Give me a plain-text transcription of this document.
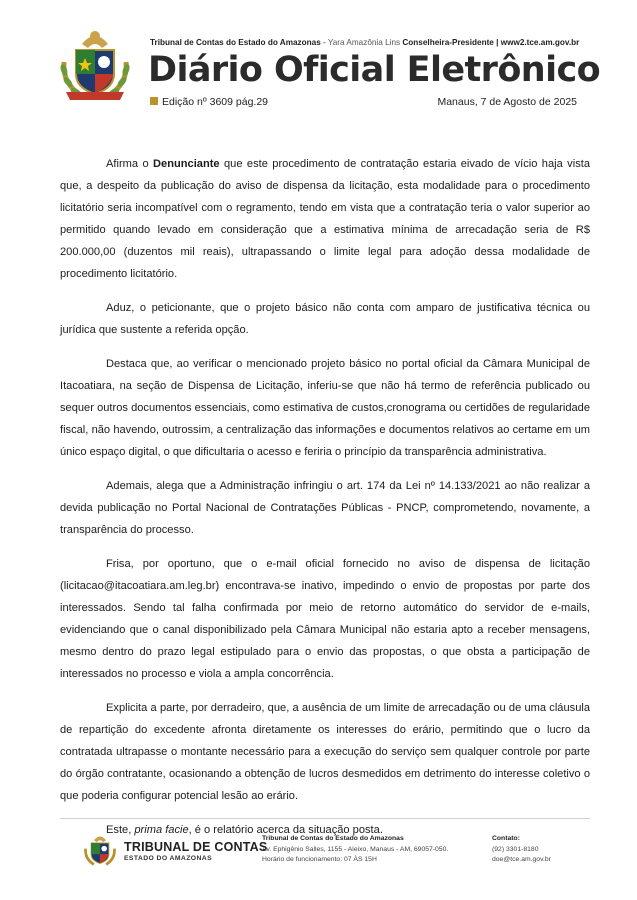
Tribunal de Contas do Estado do Amazonas - Yara Amazônia Lins Conselheira-Presidente | www2.tce.am.gov.br
Diário Oficial Eletrônico
Edição nº 3609 pág.29	Manaus, 7 de Agosto de 2025

Afirma o Denunciante que este procedimento de contratação estaria eivado de vício haja vista que, a despeito da publicação do aviso de dispensa da licitação, esta modalidade para o procedimento licitatório seria incompatível com o regramento, tendo em vista que a contratação teria o valor superior ao permitido quando levado em consideração que a estimativa mínima de arrecadação seria de R$ 200.000,00 (duzentos mil reais), ultrapassando o limite legal para adoção dessa modalidade de procedimento licitatório.

Aduz, o peticionante, que o projeto básico não conta com amparo de justificativa técnica ou jurídica que sustente a referida opção.

Destaca que, ao verificar o mencionado projeto básico no portal oficial da Câmara Municipal de Itacoatiara, na seção de Dispensa de Licitação, inferiu-se que não há termo de referência publicado ou sequer outros documentos essenciais, como estimativa de custos,cronograma ou certidões de regularidade fiscal, não havendo, outrossim, a centralização das informações e documentos relativos ao certame em um único espaço digital, o que dificultaria o acesso e feriria o princípio da transparência administrativa.

Ademais, alega que a Administração infringiu o art. 174 da Lei nº 14.133/2021 ao não realizar a devida publicação no Portal Nacional de Contratações Públicas - PNCP, comprometendo, novamente, a transparência do processo.

Frisa, por oportuno, que o e-mail oficial fornecido no aviso de dispensa de licitação (licitacao@itacoatiara.am.leg.br) encontrava-se inativo, impedindo o envio de propostas por parte dos interessados. Sendo tal falha confirmada por meio de retorno automático do servidor de e-mails, evidenciando que o canal disponibilizado pela Câmara Municipal não estaria apto a receber mensagens, mesmo dentro do prazo legal estipulado para o envio das propostas, o que obsta a participação de interessados no processo e viola a ampla concorrência.

Explicita a parte, por derradeiro, que, a ausência de um limite de arrecadação ou de uma cláusula de repartição do excedente afronta diretamente os interesses do erário, permitindo que o lucro da contratada ultrapasse o montante necessário para a execução do serviço sem qualquer controle por parte do órgão contratante, ocasionando a obtenção de lucros desmedidos em detrimento do interesse coletivo o que poderia configurar potencial lesão ao erário.

Este, prima facie, é o relatório acerca da situação posta.

TRIBUNAL DE CONTAS
ESTADO DO AMAZONAS
Tribunal de Contas do Estado do Amazonas
Av. Ephigênio Salles, 1155 - Aleixo, Manaus - AM, 69057-050.
Horário de funcionamento: 07 ÀS 15H
Contato:
(92) 3301-8180
doe@tce.am.gov.br
